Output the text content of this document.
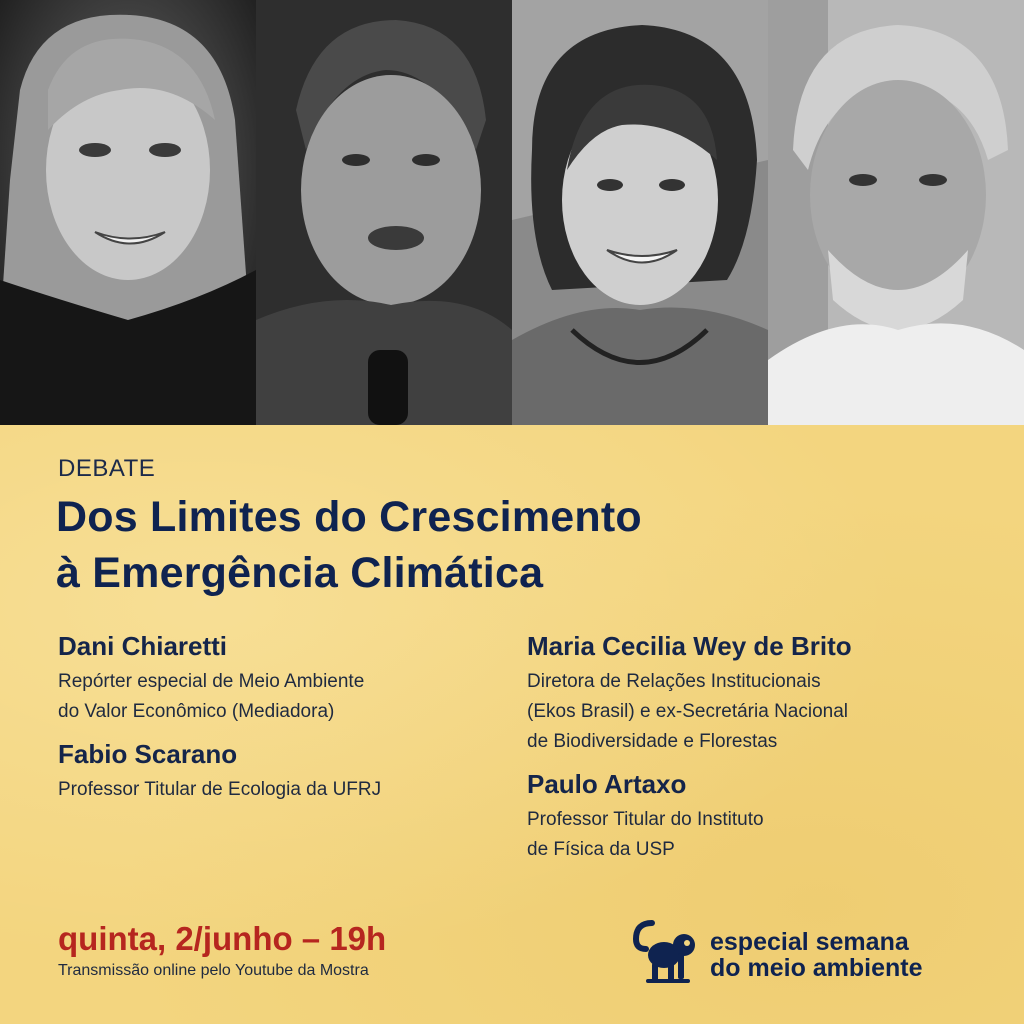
DEBATE
Dos Limites do Crescimento
à Emergência Climática
Dani Chiaretti
Repórter especial de Meio Ambiente
do Valor Econômico (Mediadora)
Fabio Scarano
Professor Titular de Ecologia da UFRJ
Maria Cecilia Wey de Brito
Diretora de Relações Institucionais
(Ekos Brasil) e ex-Secretária Nacional
de Biodiversidade e Florestas
Paulo Artaxo
Professor Titular do Instituto
de Física da USP
quinta, 2/junho – 19h
Transmissão online pelo Youtube da Mostra
especial semana
do meio ambiente
